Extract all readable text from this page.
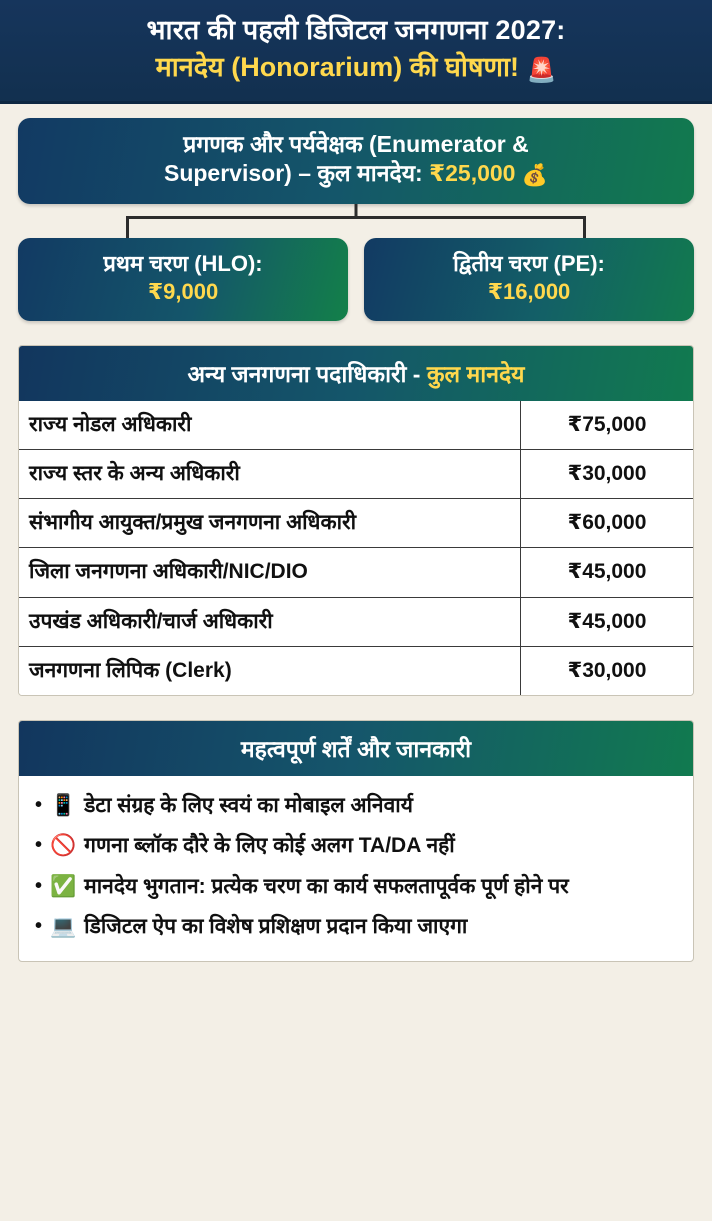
भारत की पहली डिजिटल जनगणना 2027:
मानदेय (Honorarium) की घोषणा! 🚨
प्रगणक और पर्यवेक्षक (Enumerator &
Supervisor) – कुल मानदेय: ₹25,000 💰
प्रथम चरण (HLO):
₹9,000
द्वितीय चरण (PE):
₹16,000
अन्य जनगणना पदाधिकारी - कुल मानदेय
राज्य नोडल अधिकारी	₹75,000
राज्य स्तर के अन्य अधिकारी	₹30,000
संभागीय आयुक्त/प्रमुख जनगणना अधिकारी	₹60,000
जिला जनगणना अधिकारी/NIC/DIO	₹45,000
उपखंड अधिकारी/चार्ज अधिकारी	₹45,000
जनगणना लिपिक (Clerk)	₹30,000
महत्वपूर्ण शर्तें और जानकारी
• 📱 डेटा संग्रह के लिए स्वयं का मोबाइल अनिवार्य
• 🚫 गणना ब्लॉक दौरे के लिए कोई अलग TA/DA नहीं
• ✅ मानदेय भुगतान: प्रत्येक चरण का कार्य सफलतापूर्वक पूर्ण होने पर
• 💻 डिजिटल ऐप का विशेष प्रशिक्षण प्रदान किया जाएगा
